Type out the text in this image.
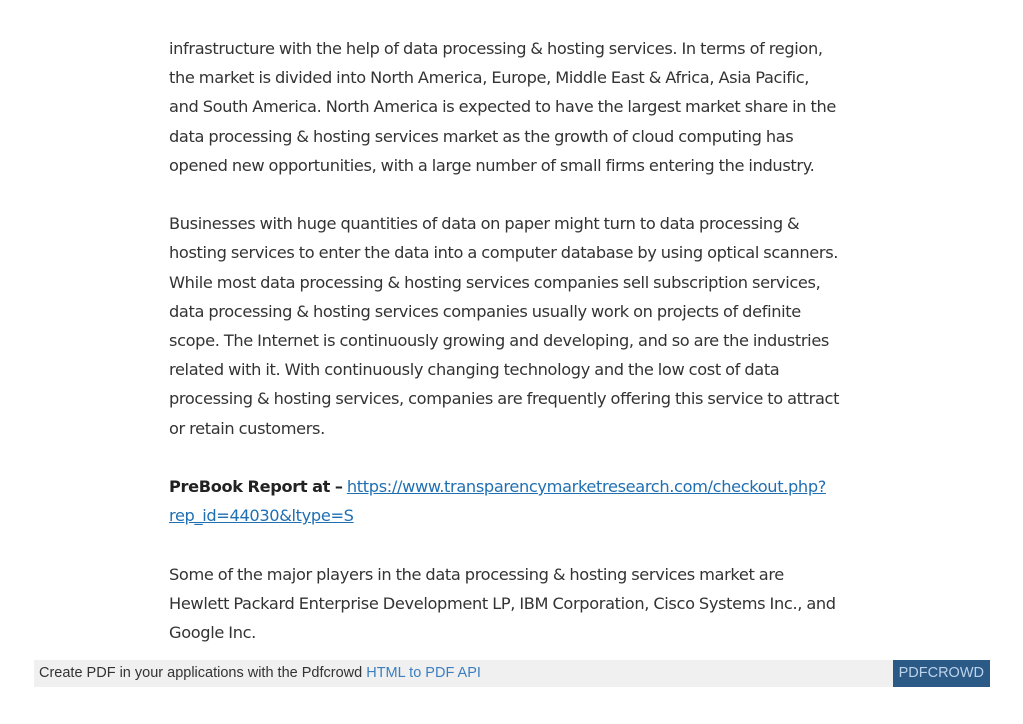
infrastructure with the help of data processing & hosting services. In terms of region,
the market is divided into North America, Europe, Middle East & Africa, Asia Pacific,
and South America. North America is expected to have the largest market share in the
data processing & hosting services market as the growth of cloud computing has
opened new opportunities, with a large number of small firms entering the industry.

Businesses with huge quantities of data on paper might turn to data processing &
hosting services to enter the data into a computer database by using optical scanners.
While most data processing & hosting services companies sell subscription services,
data processing & hosting services companies usually work on projects of definite
scope. The Internet is continuously growing and developing, and so are the industries
related with it. With continuously changing technology and the low cost of data
processing & hosting services, companies are frequently offering this service to attract
or retain customers.

PreBook Report at – https://www.transparencymarketresearch.com/checkout.php?
rep_id=44030&ltype=S

Some of the major players in the data processing & hosting services market are
Hewlett Packard Enterprise Development LP, IBM Corporation, Cisco Systems Inc., and
Google Inc.

Create PDF in your applications with the Pdfcrowd HTML to PDF API	PDFCROWD
